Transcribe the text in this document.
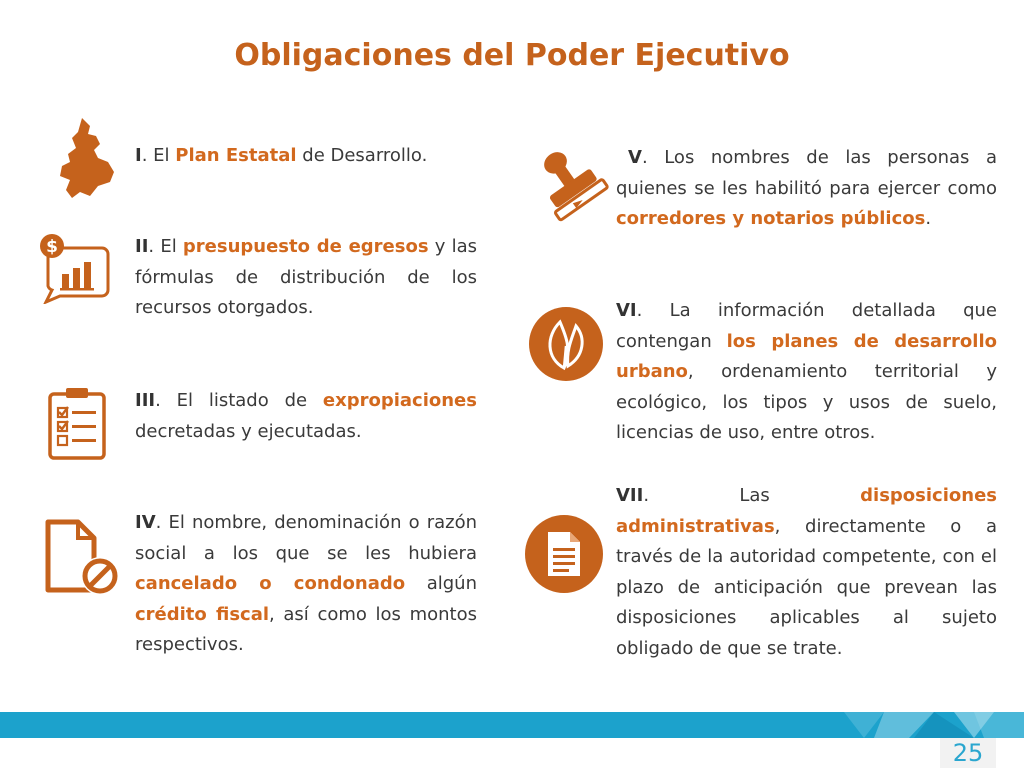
Obligaciones del Poder Ejecutivo
$

I. El Plan Estatal de Desarrollo.

II. El presupuesto de egresos y las fórmulas de distribución de los recursos otorgados.

III. El listado de expropiaciones decretadas y ejecutadas.

IV. El nombre, denominación o razón social a los que se les hubiera cancelado o condonado algún crédito fiscal, así como los montos respectivos.

V. Los nombres de las personas a quienes se les habilitó para ejercer como corredores y notarios públicos.

VI. La información detallada que contengan los planes de desarrollo urbano, ordenamiento territorial y ecológico, los tipos y usos de suelo, licencias de uso, entre otros.

VII. Las disposiciones administrativas, directamente o a través de la autoridad competente, con el plazo de anticipación que prevean las disposiciones aplicables al sujeto obligado de que se trate.

25
